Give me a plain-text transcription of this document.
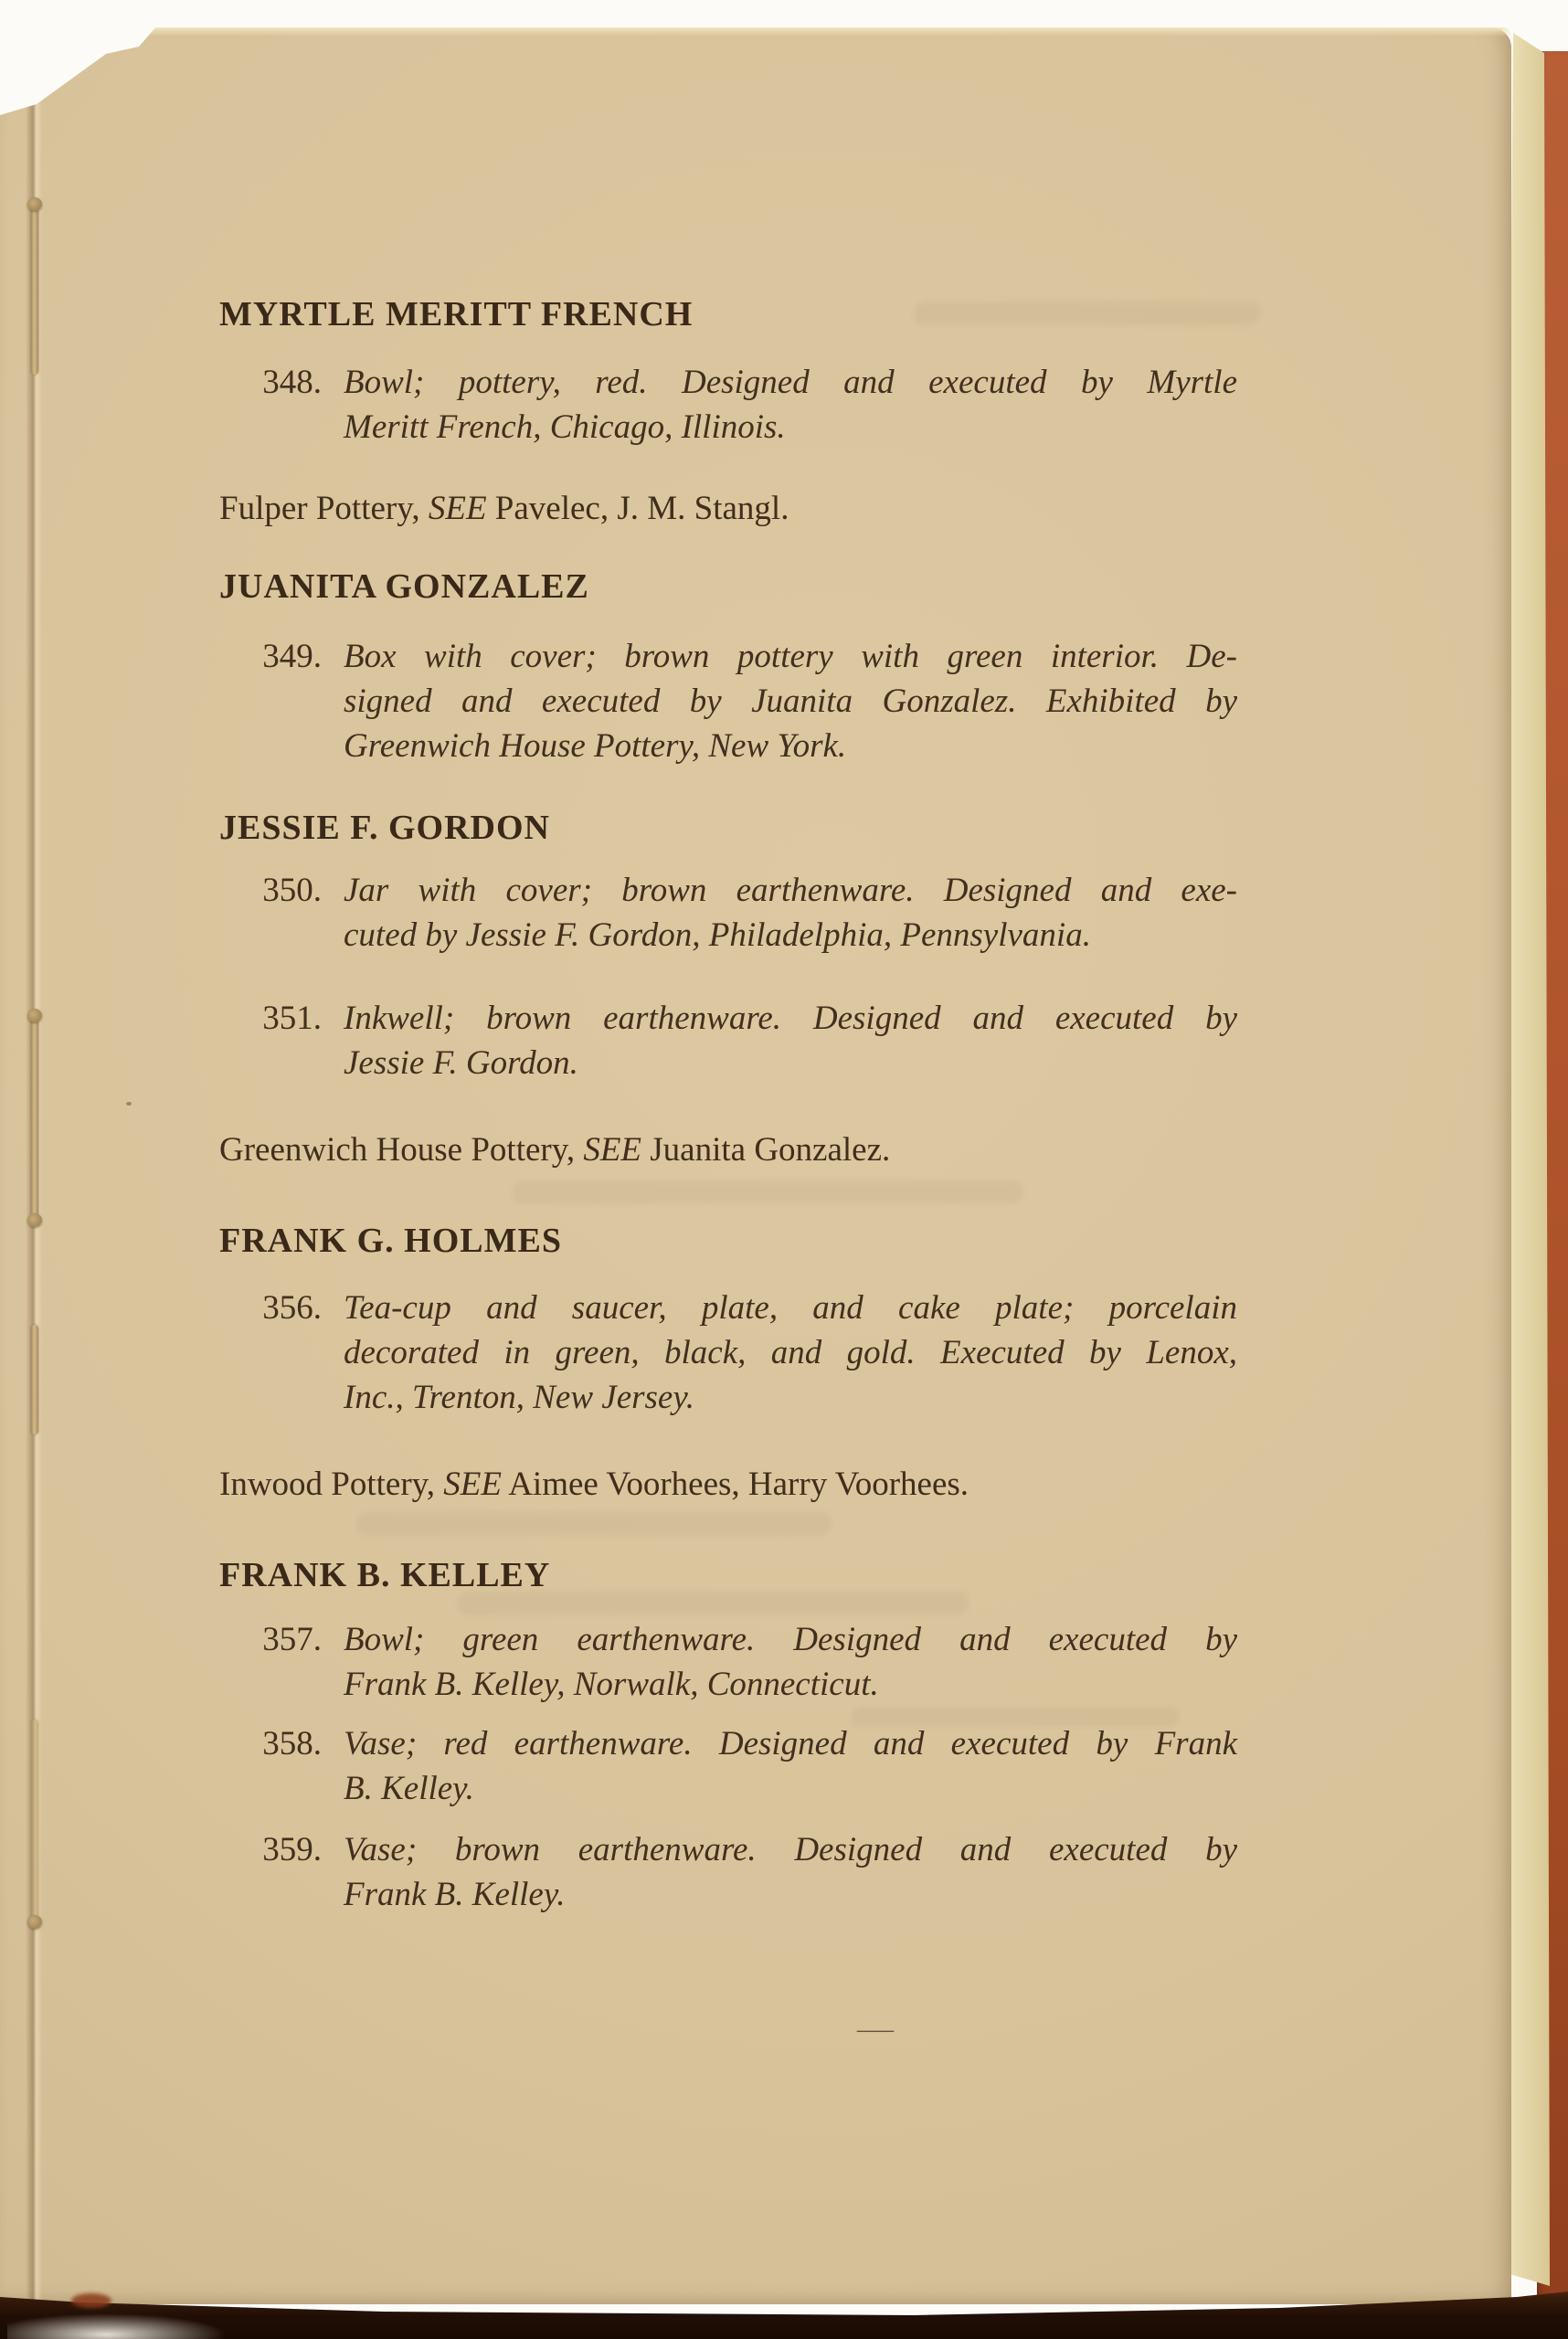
MYRTLE MERITT FRENCH
348. Bowl; pottery, red. Designed and executed by Myrtle
Meritt French, Chicago, Illinois.
Fulper Pottery, SEE Pavelec, J. M. Stangl.
JUANITA GONZALEZ
349. Box with cover; brown pottery with green interior. De-
signed and executed by Juanita Gonzalez. Exhibited by
Greenwich House Pottery, New York.
JESSIE F. GORDON
350. Jar with cover; brown earthenware. Designed and exe-
cuted by Jessie F. Gordon, Philadelphia, Pennsylvania.
351. Inkwell; brown earthenware. Designed and executed by
Jessie F. Gordon.
Greenwich House Pottery, SEE Juanita Gonzalez.
FRANK G. HOLMES
356. Tea-cup and saucer, plate, and cake plate; porcelain
decorated in green, black, and gold. Executed by Lenox,
Inc., Trenton, New Jersey.
Inwood Pottery, SEE Aimee Voorhees, Harry Voorhees.
FRANK B. KELLEY
357. Bowl; green earthenware. Designed and executed by
Frank B. Kelley, Norwalk, Connecticut.
358. Vase; red earthenware. Designed and executed by Frank
B. Kelley.
359. Vase; brown earthenware. Designed and executed by
Frank B. Kelley.
—
